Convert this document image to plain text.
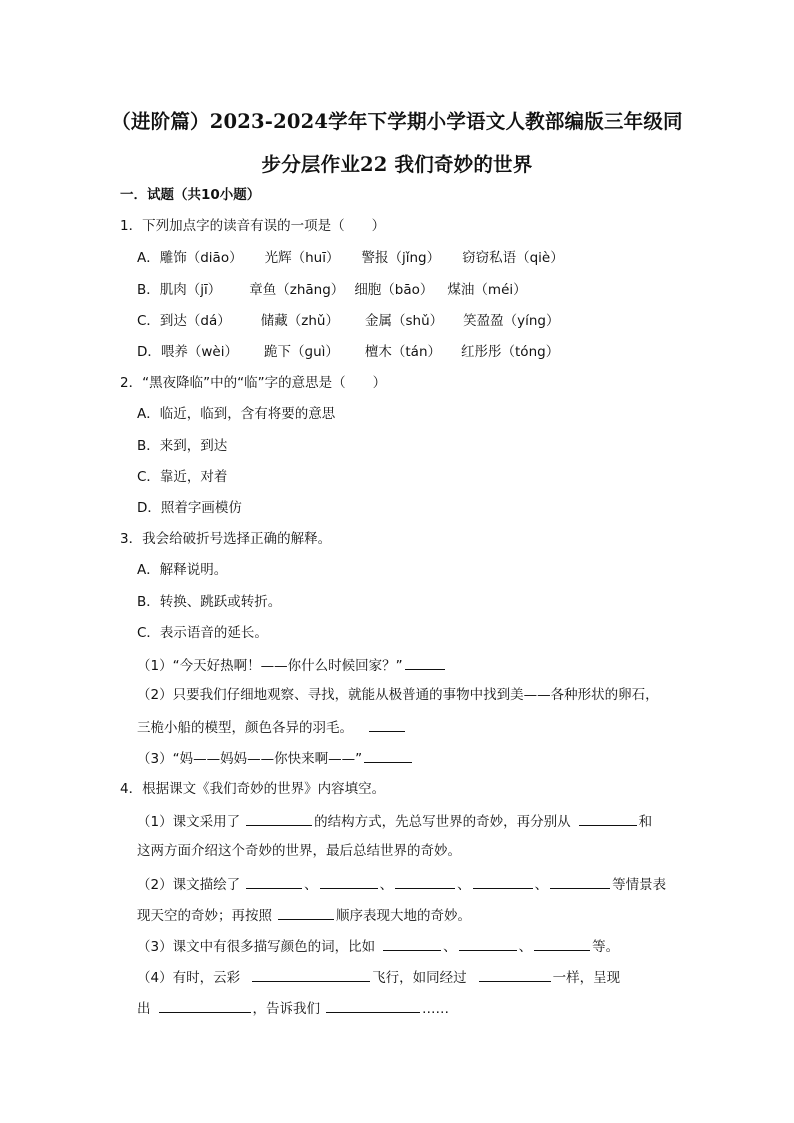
（进阶篇）2023-2024学年下学期小学语文人教部编版三年级同
步分层作业22 我们奇妙的世界
一．试题（共10小题）
1．下列加点字的读音有误的一项是（　　）
A．雕饰（diāo） 光辉（huī） 警报（jǐng） 窃窃私语（qiè）
B．肌肉（jī） 章鱼（zhāng） 细胞（bāo） 煤油（méi）
C．到达（dá） 储藏（zhǔ） 金属（shǔ） 笑盈盈（yíng）
D．喂养（wèi） 跪下（ɡuì） 檀木（tán） 红彤彤（tóng）
2．“黑夜降临”中的“临”字的意思是（　　）
A．临近，临到，含有将要的意思
B．来到，到达
C．靠近，对着
D．照着字画模仿
3．我会给破折号选择正确的解释。
A．解释说明。
B．转换、跳跃或转折。
C．表示语音的延长。
（1）“今天好热啊！——你什么时候回家？”
（2）只要我们仔细地观察、寻找，就能从极普通的事物中找到美——各种形状的卵石，
三桅小船的模型，颜色各异的羽毛。
（3）“妈——妈妈——你快来啊——”
4．根据课文《我们奇妙的世界》内容填空。
（1）课文采用了	的结构方式，先总写世界的奇妙，再分别从	和
这两方面介绍这个奇妙的世界，最后总结世界的奇妙。
（2）课文描绘了	、	、	、	、	等情景表
现天空的奇妙；再按照	顺序表现大地的奇妙。
（3）课文中有很多描写颜色的词，比如	、	、	等。
（4）有时，云彩	飞行，如同经过	一样，呈现
出	，告诉我们	……
